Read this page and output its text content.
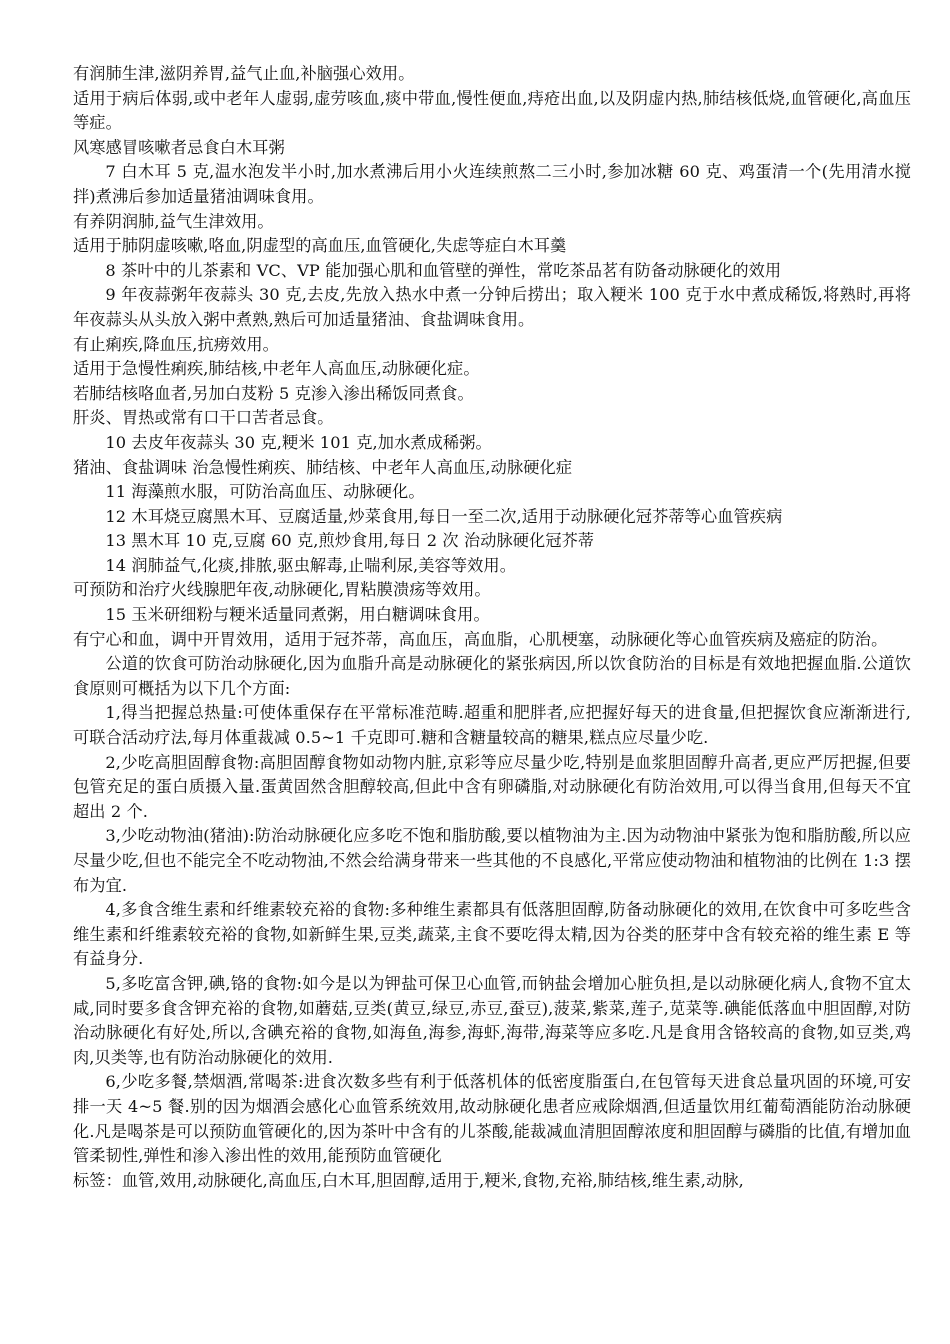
有润肺生津,滋阴养胃,益气止血,补脑强心效用。

适用于病后体弱,或中老年人虚弱,虚劳咳血,痰中带血,慢性便血,痔疮出血,以及阴虚内热,肺结核低烧,血管硬化,高血压等症。

风寒感冒咳嗽者忌食白木耳粥

7 白木耳 5 克,温水泡发半小时,加水煮沸后用小火连续煎熬二三小时,参加冰糖 60 克、鸡蛋清一个(先用清水搅拌)煮沸后参加适量猪油调味食用。

有养阴润肺,益气生津效用。

适用于肺阴虚咳嗽,咯血,阴虚型的高血压,血管硬化,失虑等症白木耳羹

8 茶叶中的儿茶素和 VC、VP 能加强心肌和血管壁的弹性，常吃茶品茗有防备动脉硬化的效用

9 年夜蒜粥年夜蒜头 30 克,去皮,先放入热水中煮一分钟后捞出；取入粳米 100 克于水中煮成稀饭,将熟时,再将年夜蒜头从头放入粥中煮熟,熟后可加适量猪油、食盐调味食用。

有止痢疾,降血压,抗痨效用。

适用于急慢性痢疾,肺结核,中老年人高血压,动脉硬化症。

若肺结核咯血者,另加白芨粉 5 克渗入渗出稀饭同煮食。

肝炎、胃热或常有口干口苦者忌食。

10 去皮年夜蒜头 30 克,粳米 101 克,加水煮成稀粥。

猪油、食盐调味 治急慢性痢疾、肺结核、中老年人高血压,动脉硬化症

11 海藻煎水服，可防治高血压、动脉硬化。

12 木耳烧豆腐黑木耳、豆腐适量,炒菜食用,每日一至二次,适用于动脉硬化冠芥蒂等心血管疾病

13 黑木耳 10 克,豆腐 60 克,煎炒食用,每日 2 次 治动脉硬化冠芥蒂

14 润肺益气,化痰,排脓,驱虫解毒,止喘利尿,美容等效用。

可预防和治疗火线腺肥年夜,动脉硬化,胃粘膜溃疡等效用。

15 玉米研细粉与粳米适量同煮粥，用白糖调味食用。

有宁心和血，调中开胃效用，适用于冠芥蒂，高血压，高血脂，心肌梗塞，动脉硬化等心血管疾病及癌症的防治。

公道的饮食可防治动脉硬化,因为血脂升高是动脉硬化的紧张病因,所以饮食防治的目标是有效地把握血脂.公道饮食原则可概括为以下几个方面:

1,得当把握总热量:可使体重保存在平常标准范畴.超重和肥胖者,应把握好每天的进食量,但把握饮食应渐渐进行,可联合活动疗法,每月体重裁减 0.5~1 千克即可.糖和含糖量较高的糖果,糕点应尽量少吃.

2,少吃高胆固醇食物:高胆固醇食物如动物内脏,京彩等应尽量少吃,特别是血浆胆固醇升高者,更应严厉把握,但要包管充足的蛋白质摄入量.蛋黄固然含胆醇较高,但此中含有卵磷脂,对动脉硬化有防治效用,可以得当食用,但每天不宜超出 2 个.

3,少吃动物油(猪油):防治动脉硬化应多吃不饱和脂肪酸,要以植物油为主.因为动物油中紧张为饱和脂肪酸,所以应尽量少吃,但也不能完全不吃动物油,不然会给满身带来一些其他的不良感化,平常应使动物油和植物油的比例在 1:3 摆布为宜.

4,多食含维生素和纤维素较充裕的食物:多种维生素都具有低落胆固醇,防备动脉硬化的效用,在饮食中可多吃些含维生素和纤维素较充裕的食物,如新鲜生果,豆类,蔬菜,主食不要吃得太精,因为谷类的胚芽中含有较充裕的维生素 E 等有益身分.

5,多吃富含钾,碘,铬的食物:如今是以为钾盐可保卫心血管,而钠盐会增加心脏负担,是以动脉硬化病人,食物不宜太咸,同时要多食含钾充裕的食物,如蘑菇,豆类(黄豆,绿豆,赤豆,蚕豆),菠菜,紫菜,莲子,苋菜等.碘能低落血中胆固醇,对防治动脉硬化有好处,所以,含碘充裕的食物,如海鱼,海参,海虾,海带,海菜等应多吃.凡是食用含铬较高的食物,如豆类,鸡肉,贝类等,也有防治动脉硬化的效用.

6,少吃多餐,禁烟酒,常喝茶:进食次数多些有利于低落机体的低密度脂蛋白,在包管每天进食总量巩固的环境,可安排一天 4~5 餐.别的因为烟酒会感化心血管系统效用,故动脉硬化患者应戒除烟酒,但适量饮用红葡萄酒能防治动脉硬化.凡是喝茶是可以预防血管硬化的,因为茶叶中含有的儿茶酸,能裁减血清胆固醇浓度和胆固醇与磷脂的比值,有增加血管柔韧性,弹性和渗入渗出性的效用,能预防血管硬化

标签：血管,效用,动脉硬化,高血压,白木耳,胆固醇,适用于,粳米,食物,充裕,肺结核,维生素,动脉,
